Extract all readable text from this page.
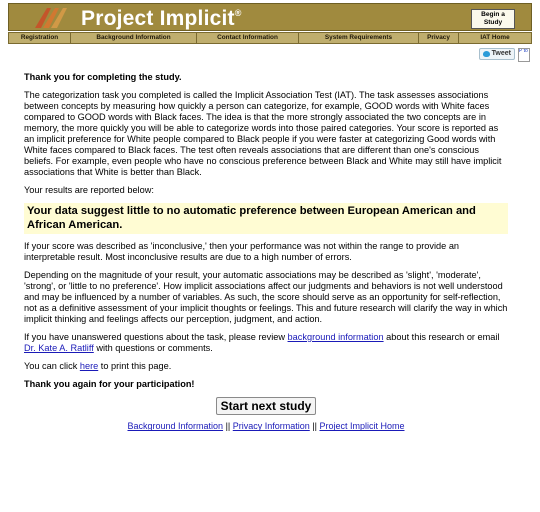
Project Implicit®	Begin a
Study
Registration	Background Information	Contact Information	System Requirements	Privacy	IAT Home
Tweet P to

Thank you for completing the study.

The categorization task you completed is called the Implicit Association Test (IAT). The task assesses associations between concepts by measuring how quickly a person can categorize, for example, GOOD words with White faces compared to GOOD words with Black faces. The idea is that the more strongly associated the two concepts are in memory, the more quickly you will be able to categorize words into those paired categories. Your score is reported as an implicit preference for White people compared to Black people if you were faster at categorizing Good words with White faces compared to Black faces. The test often reveals associations that are different than one's conscious beliefs. For example, even people who have no conscious preference between Black and White may still have implicit associations that White is better than Black.

Your results are reported below:

Your data suggest little to no automatic preference between European American and African American.

If your score was described as 'inconclusive,' then your performance was not within the range to provide an interpretable result. Most inconclusive results are due to a high number of errors.

Depending on the magnitude of your result, your automatic associations may be described as 'slight', 'moderate', 'strong', or 'little to no preference'. How implicit associations affect our judgments and behaviors is not well understood and may be influenced by a number of variables. As such, the score should serve as an opportunity for self-reflection, not as a definitive assessment of your implicit thoughts or feelings. This and future research will clarify the way in which implicit thinking and feelings affects our perception, judgment, and action.

If you have unanswered questions about the task, please review background information about this research or email Dr. Kate A. Ratliff with questions or comments.

You can click here to print this page.

Thank you again for your participation!

Start next study
Background Information || Privacy Information || Project Implicit Home
